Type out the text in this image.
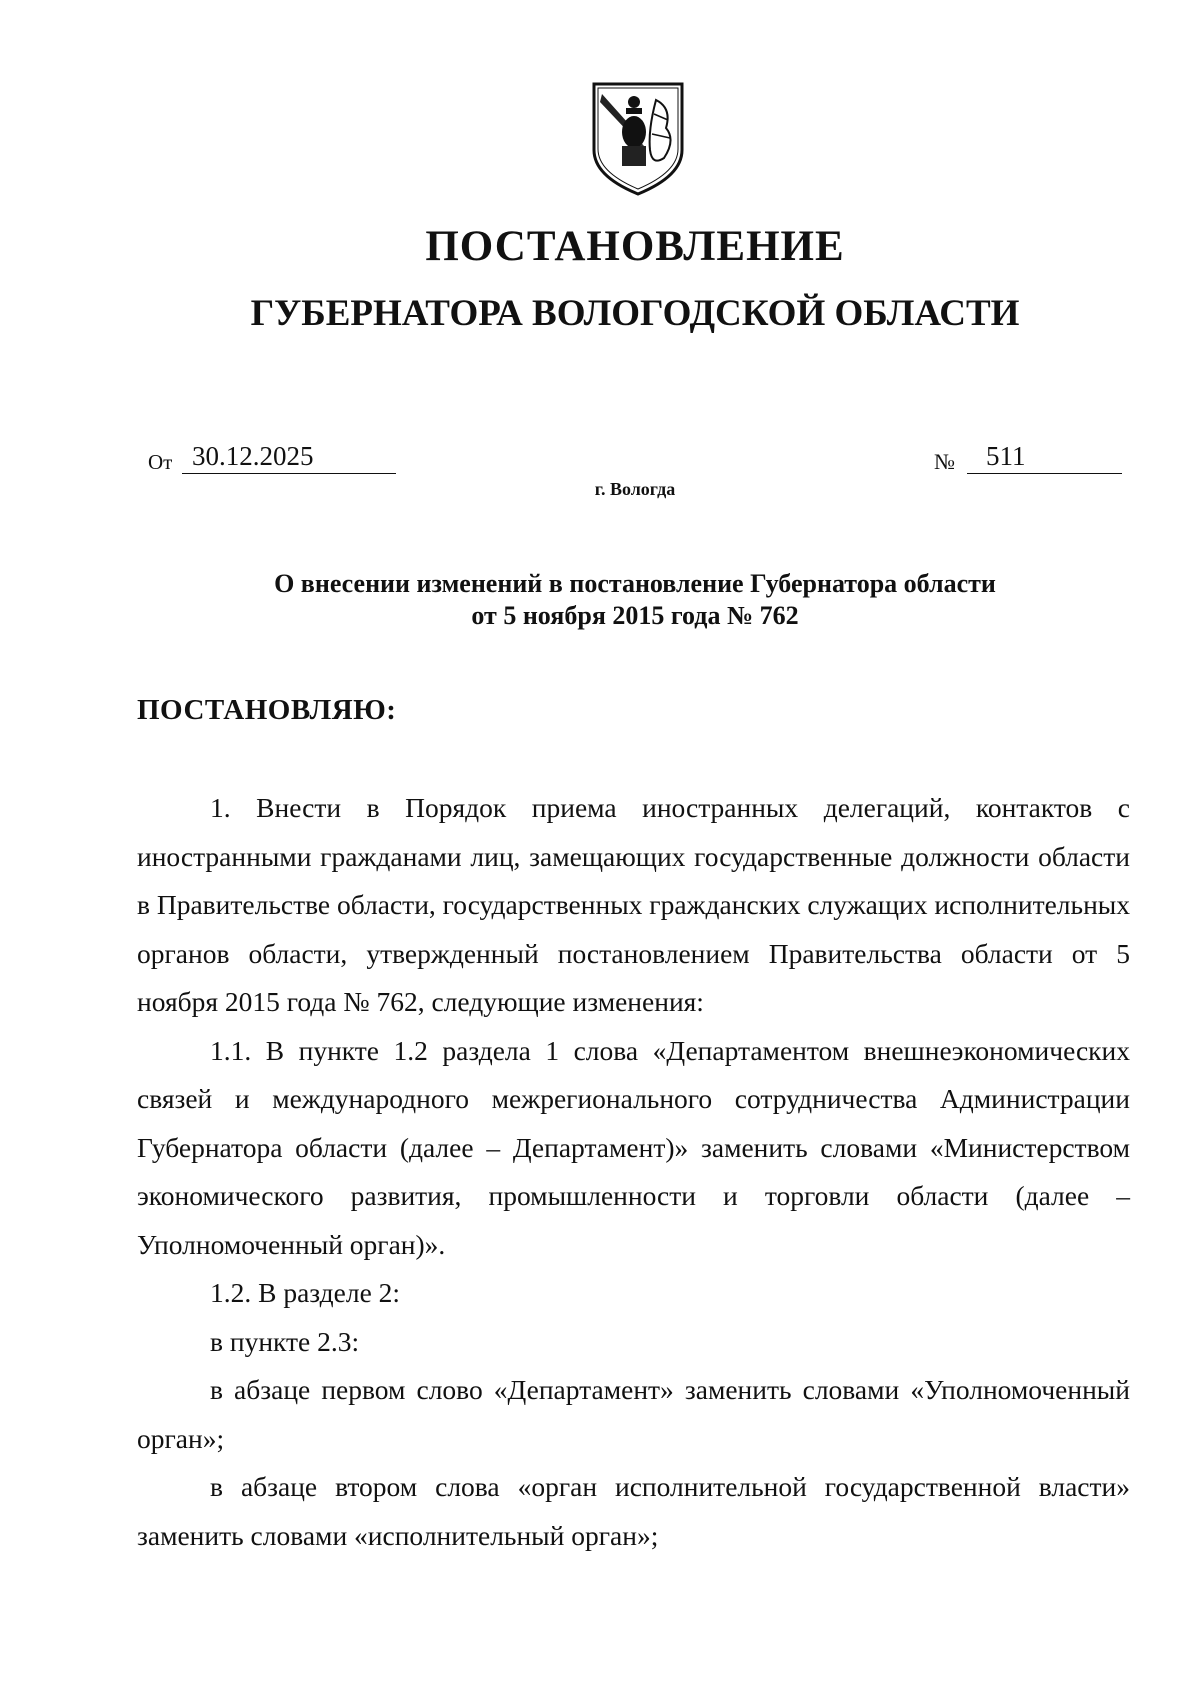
ПОСТАНОВЛЕНИЕ
ГУБЕРНАТОРА ВОЛОГОДСКОЙ ОБЛАСТИ
От 30.12.2025	№	511
г. Вологда
О внесении изменений в постановление Губернатора области
от 5 ноября 2015 года № 762
ПОСТАНОВЛЯЮ:

1. Внести в Порядок приема иностранных делегаций, контактов с иностранными гражданами лиц, замещающих государственные должности области в Правительстве области, государственных гражданских служащих исполнительных органов области, утвержденный постановлением Правительства области от 5 ноября 2015 года № 762, следующие изменения:

1.1. В пункте 1.2 раздела 1 слова «Департаментом внешнеэкономических связей и международного межрегионального сотрудничества Администрации Губернатора области (далее – Департамент)» заменить словами «Министерством экономического развития, промышленности и торговли области (далее – Уполномоченный орган)».

1.2. В разделе 2:

в пункте 2.3:

в абзаце первом слово «Департамент» заменить словами «Уполномоченный орган»;

в абзаце втором слова «орган исполнительной государственной власти» заменить словами «исполнительный орган»;
